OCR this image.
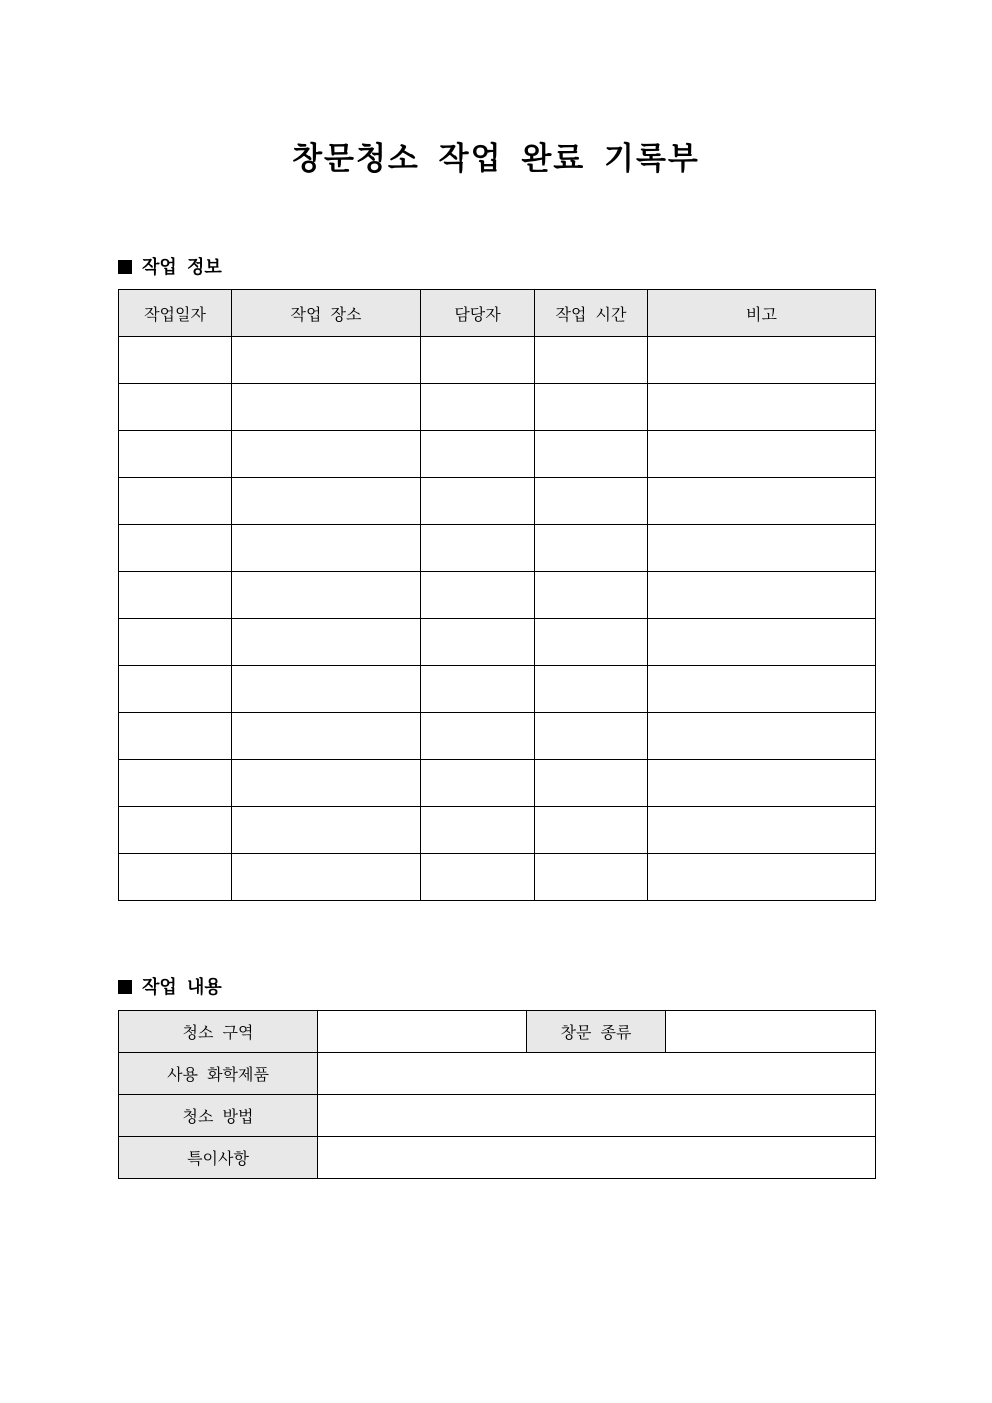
창문청소 작업 완료 기록부
작업 정보
작업일자	작업 장소	담당자	작업 시간	비고

작업 내용
청소 구역		창문 종류	
사용 화학제품			
청소 방법			
특이사항			
